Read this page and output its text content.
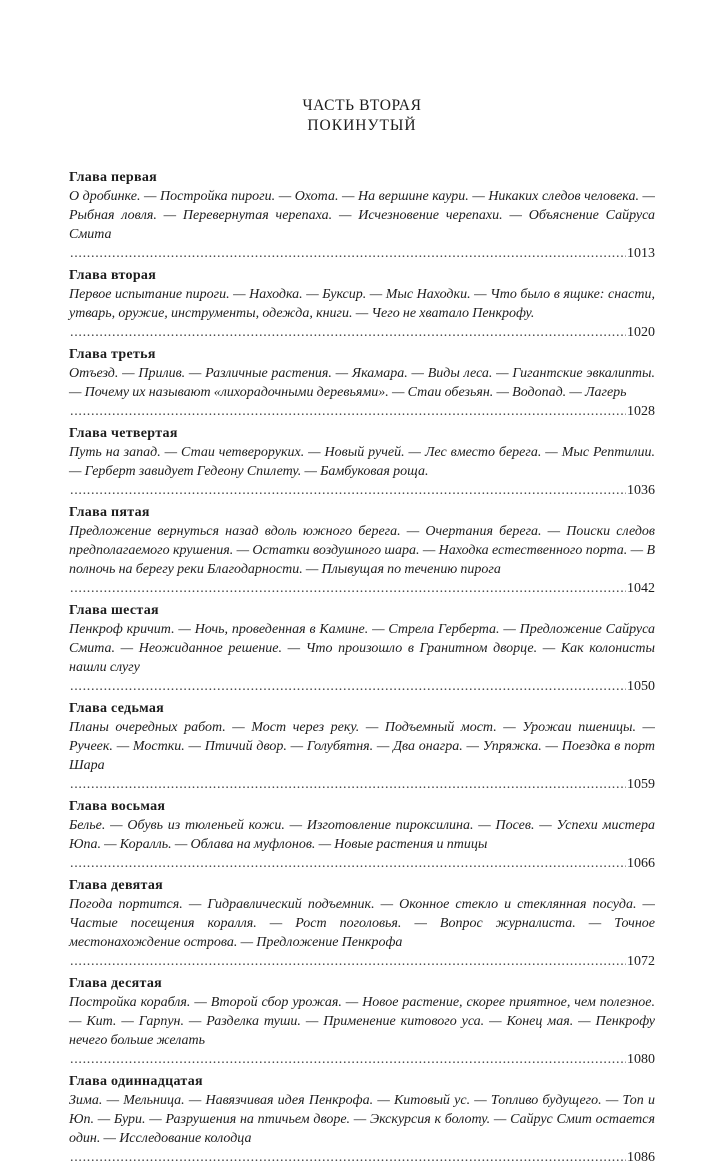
ЧАСТЬ ВТОРАЯ
ПОКИНУТЫЙ
Глава первая

О дробинке. — Постройка пироги. — Охота. — На вершине каури. — Никаких следов человека. — Рыбная ловля. — Перевернутая черепаха. — Исчезновение черепахи. — Объяснение Сайруса Смита

.....
1013
Глава вторая

Первое испытание пироги. — Находка. — Буксир. — Мыс Находки. — Что было в ящике: снасти, утварь, оружие, инструменты, одежда, книги. — Чего не хватало Пенкрофу.

.....
1020
Глава третья

Отъезд. — Прилив. — Различные растения. — Якамара. — Виды леса. — Гигантские эвкалипты. — Почему их называют «лихорадочными деревьями». — Стаи обезьян. — Водопад. — Лагерь

.....
1028
Глава четвертая

Путь на запад. — Стаи четвероруких. — Новый ручей. — Лес вместо берега. — Мыс Рептилии. — Герберт завидует Гедеону Спилету. — Бамбуковая роща.

.....
1036
Глава пятая

Предложение вернуться назад вдоль южного берега. — Очертания берега. — Поиски следов предполагаемого крушения. — Остатки воздушного шара. — Находка естественного порта. — В полночь на берегу реки Благодарности. — Плывущая по течению пирога

.....
1042
Глава шестая

Пенкроф кричит. — Ночь, проведенная в Камине. — Стрела Герберта. — Предложение Сайруса Смита. — Неожиданное решение. — Что произошло в Гранитном дворце. — Как колонисты нашли слугу

.....
1050
Глава седьмая

Планы очередных работ. — Мост через реку. — Подъемный мост. — Урожаи пшеницы. — Ручеек. — Мостки. — Птичий двор. — Голубятня. — Два онагра. — Упряжка. — Поездка в порт Шара

.....
1059
Глава восьмая

Белье. — Обувь из тюленьей кожи. — Изготовление пироксилина. — Посев. — Успехи мистера Юпа. — Коралль. — Облава на муфлонов. — Новые растения и птицы

.....
1066
Глава девятая

Погода портится. — Гидравлический подъемник. — Оконное стекло и стеклянная посуда. — Частые посещения коралля. — Рост поголовья. — Вопрос журналиста. — Точное местонахождение острова. — Предложение Пенкрофа

.....
1072
Глава десятая

Постройка корабля. — Второй сбор урожая. — Новое растение, скорее приятное, чем полезное. — Кит. — Гарпун. — Разделка туши. — Применение китового уса. — Конец мая. — Пенкрофу нечего больше желать

.....
1080
Глава одиннадцатая

Зима. — Мельница. — Навязчивая идея Пенкрофа. — Китовый ус. — Топливо будущего. — Топ и Юп. — Бури. — Разрушения на птичьем дворе. — Экскурсия к болоту. — Сайрус Смит остается один. — Исследование колодца

.....
1086
